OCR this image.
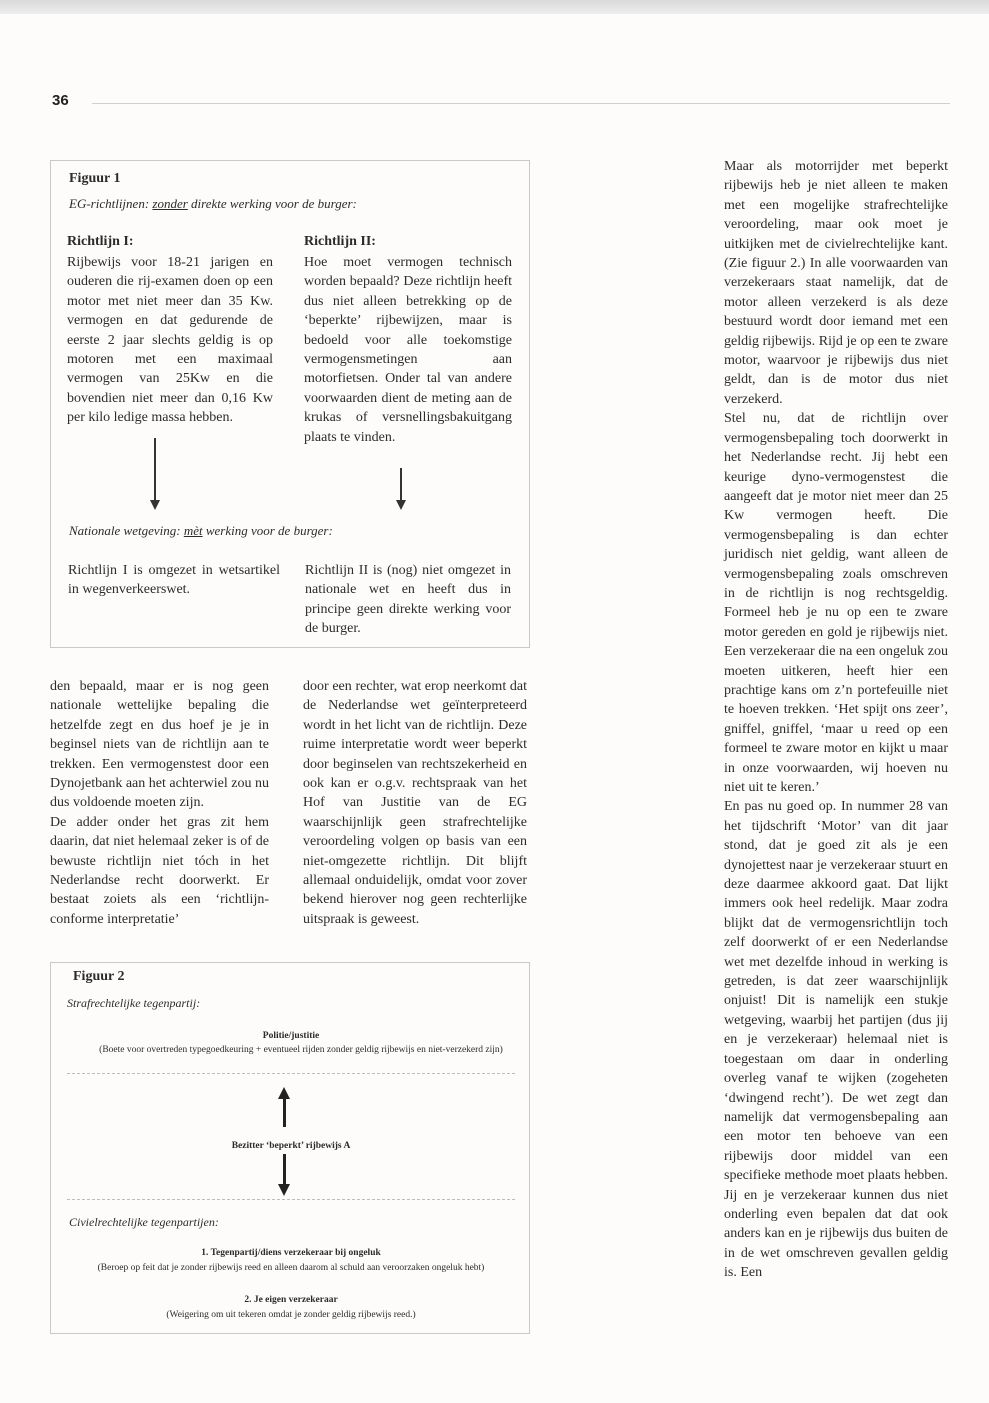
36
Figuur 1
EG-richtlijnen: zonder direkte werking voor de burger:
Richtlijn I:
Rijbewijs voor 18-21 jarigen en ouderen die rij-examen doen op een motor met niet meer dan 35 Kw. vermogen en dat gedurende de eerste 2 jaar slechts geldig is op motoren met een maximaal vermogen van 25Kw en die bovendien niet meer dan 0,16 Kw per kilo ledige massa hebben.
Richtlijn II:
Hoe moet vermogen technisch worden bepaald? Deze richtlijn heeft dus niet alleen betrekking op de ‘beperkte’ rijbewijzen, maar is bedoeld voor alle toekomstige vermogensmetingen aan motorfietsen. Onder tal van andere voorwaarden dient de meting aan de krukas of versnellingsbakuitgang plaats te vinden.
Nationale wetgeving: mèt werking voor de burger:
Richtlijn I is omgezet in wetsartikel in wegenverkeerswet.
Richtlijn II is (nog) niet omgezet in nationale wet en heeft dus in principe geen direkte werking voor de burger.

den bepaald, maar er is nog geen nationale wettelijke bepaling die hetzelfde zegt en dus hoef je je in beginsel niets van de richtlijn aan te trekken. Een vermogenstest door een Dynojetbank aan het achterwiel zou nu dus voldoende moeten zijn.

De adder onder het gras zit hem daarin, dat niet helemaal zeker is of de bewuste richtlijn niet tóch in het Nederlandse recht doorwerkt. Er bestaat zoiets als een ‘richtlijn-conforme interpretatie’

door een rechter, wat erop neerkomt dat de Nederlandse wet geïnterpreteerd wordt in het licht van de richtlijn. Deze ruime interpretatie wordt weer beperkt door beginselen van rechtszekerheid en ook kan er o.g.v. rechtspraak van het Hof van Justitie van de EG waarschijnlijk geen strafrechtelijke veroordeling volgen op basis van een niet-omgezette richtlijn. Dit blijft allemaal onduidelijk, omdat voor zover bekend hierover nog geen rechterlijke uitspraak is geweest.

Maar als motorrijder met beperkt rijbewijs heb je niet alleen te maken met een mogelijke strafrechtelijke veroordeling, maar ook moet je uitkijken met de civielrechtelijke kant. (Zie figuur 2.) In alle voorwaarden van verzekeraars staat namelijk, dat de motor alleen verzekerd is als deze bestuurd wordt door iemand met een geldig rijbewijs. Rijd je op een te zware motor, waarvoor je rijbewijs dus niet geldt, dan is de motor dus niet verzekerd.

Stel nu, dat de richtlijn over vermogensbepaling toch doorwerkt in het Nederlandse recht. Jij hebt een keurige dyno-vermogenstest die aangeeft dat je motor niet meer dan 25 Kw vermogen heeft. Die vermogensbepaling is dan echter juridisch niet geldig, want alleen de vermogensbepaling zoals omschreven in de richtlijn is nog rechtsgeldig. Formeel heb je nu op een te zware motor gereden en gold je rijbewijs niet. Een verzekeraar die na een ongeluk zou moeten uitkeren, heeft hier een prachtige kans om z’n portefeuille niet te hoeven trekken. ‘Het spijt ons zeer’, gniffel, gniffel, ‘maar u reed op een formeel te zware motor en kijkt u maar in onze voorwaarden, wij hoeven nu niet uit te keren.’

En pas nu goed op. In nummer 28 van het tijdschrift ‘Motor’ van dit jaar stond, dat je goed zit als je een dynojettest naar je verzekeraar stuurt en deze daarmee akkoord gaat. Dat lijkt immers ook heel redelijk. Maar zodra blijkt dat de vermogensrichtlijn toch zelf doorwerkt of er een Nederlandse wet met dezelfde inhoud in werking is getreden, is dat zeer waarschijnlijk onjuist! Dit is namelijk een stukje wetgeving, waarbij het partijen (dus jij en je verzekeraar) helemaal niet is toegestaan om daar in onderling overleg vanaf te wijken (zogeheten ‘dwingend recht’). De wet zegt dan namelijk dat vermogensbepaling aan een motor ten behoeve van een rijbewijs door middel van een specifieke methode moet plaats hebben. Jij en je verzekeraar kunnen dus niet onderling even bepalen dat dat ook anders kan en je rijbewijs dus buiten de in de wet omschreven gevallen geldig is. Een

Figuur 2
Strafrechtelijke tegenpartij:
Politie/justitie
(Boete voor overtreden typegoedkeuring + eventueel rijden zonder geldig rijbewijs en niet-verzekerd zijn)
Bezitter ‘beperkt’ rijbewijs A
Civielrechtelijke tegenpartijen:
1. Tegenpartij/diens verzekeraar bij ongeluk
(Beroep op feit dat je zonder rijbewijs reed en alleen daarom al schuld aan veroorzaken ongeluk hebt)
2. Je eigen verzekeraar
(Weigering om uit tekeren omdat je zonder geldig rijbewijs reed.)
